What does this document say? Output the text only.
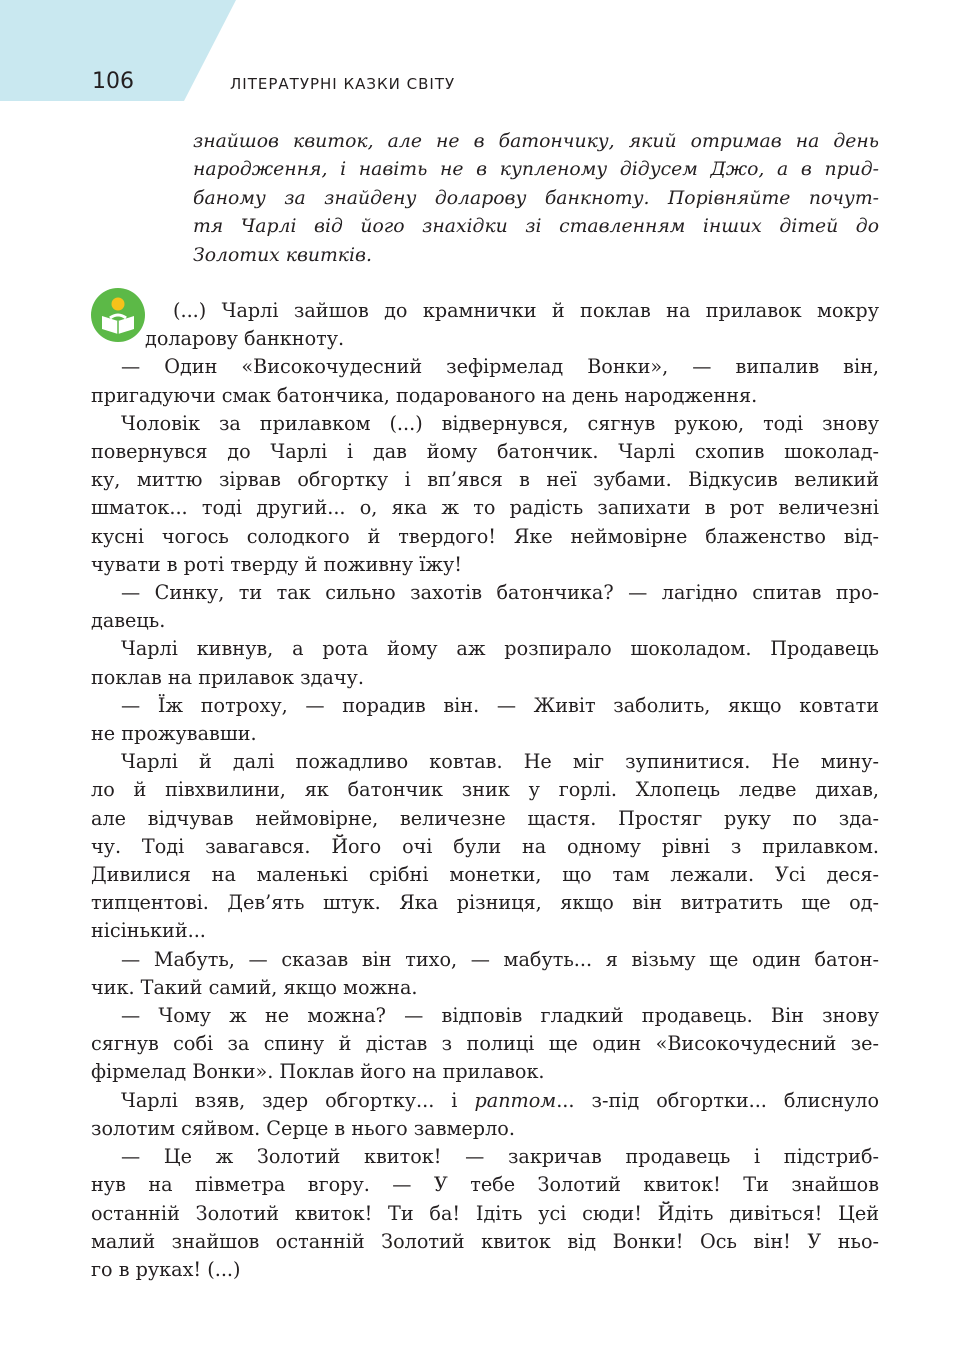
106	ЛІТЕРАТУРНІ КАЗКИ СВІТУ
знайшов квиток, але не в батончику, який отримав на день
народження, і навіть не в купленому дідусем Джо, а в прид-
баному за знайдену доларову банкноту. Порівняйте почут-
тя Чарлі від його знахідки зі ставленням інших дітей до
Золотих квитків.
(...) Чарлі зайшов до крамнички й поклав на прилавок мокру
доларову банкноту.
— Один «Високочудесний зефірмелад Вонки», — випалив він,
пригадуючи смак батончика, подарованого на день народження.
Чоловік за прилавком (...) відвернувся, сягнув рукою, тоді знову
повернувся до Чарлі і дав йому батончик. Чарлі схопив шоколад-
ку, миттю зірвав обгортку і вп’явся в неї зубами. Відкусив великий
шматок... тоді другий... о, яка ж то радість запихати в рот величезні
кусні чогось солодкого й твердого! Яке неймовірне блаженство від-
чувати в роті тверду й поживну їжу!
— Синку, ти так сильно захотів батончика? — лагідно спитав про-
давець.
Чарлі кивнув, а рота йому аж розпирало шоколадом. Продавець
поклав на прилавок здачу.
— Їж потроху, — порадив він. — Живіт заболить, якщо ковтати
не прожувавши.
Чарлі й далі пожадливо ковтав. Не міг зупинитися. Не мину-
ло й півхвилини, як батончик зник у горлі. Хлопець ледве дихав,
але відчував неймовірне, величезне щастя. Простяг руку по зда-
чу. Тоді завагався. Його очі були на одному рівні з прилавком.
Дивилися на маленькі срібні монетки, що там лежали. Усі деся-
типцентові. Дев’ять штук. Яка різниця, якщо він витратить ще од-
нісінький...
— Мабуть, — сказав він тихо, — мабуть... я візьму ще один батон-
чик. Такий самий, якщо можна.
— Чому ж не можна? — відповів гладкий продавець. Він знову
сягнув собі за спину й дістав з полиці ще один «Високочудесний зе-
фірмелад Вонки». Поклав його на прилавок.
Чарлі взяв, здер обгортку... і раптом... з-під обгортки... блиснуло
золотим сяйвом. Серце в нього завмерло.
— Це ж Золотий квиток! — закричав продавець і підстриб-
нув на півметра вгору. — У тебе Золотий квиток! Ти знайшов
останній Золотий квиток! Ти ба! Ідіть усі сюди! Йдіть дивіться! Цей
малий знайшов останній Золотий квиток від Вонки! Ось він! У ньо-
го в руках! (...)
